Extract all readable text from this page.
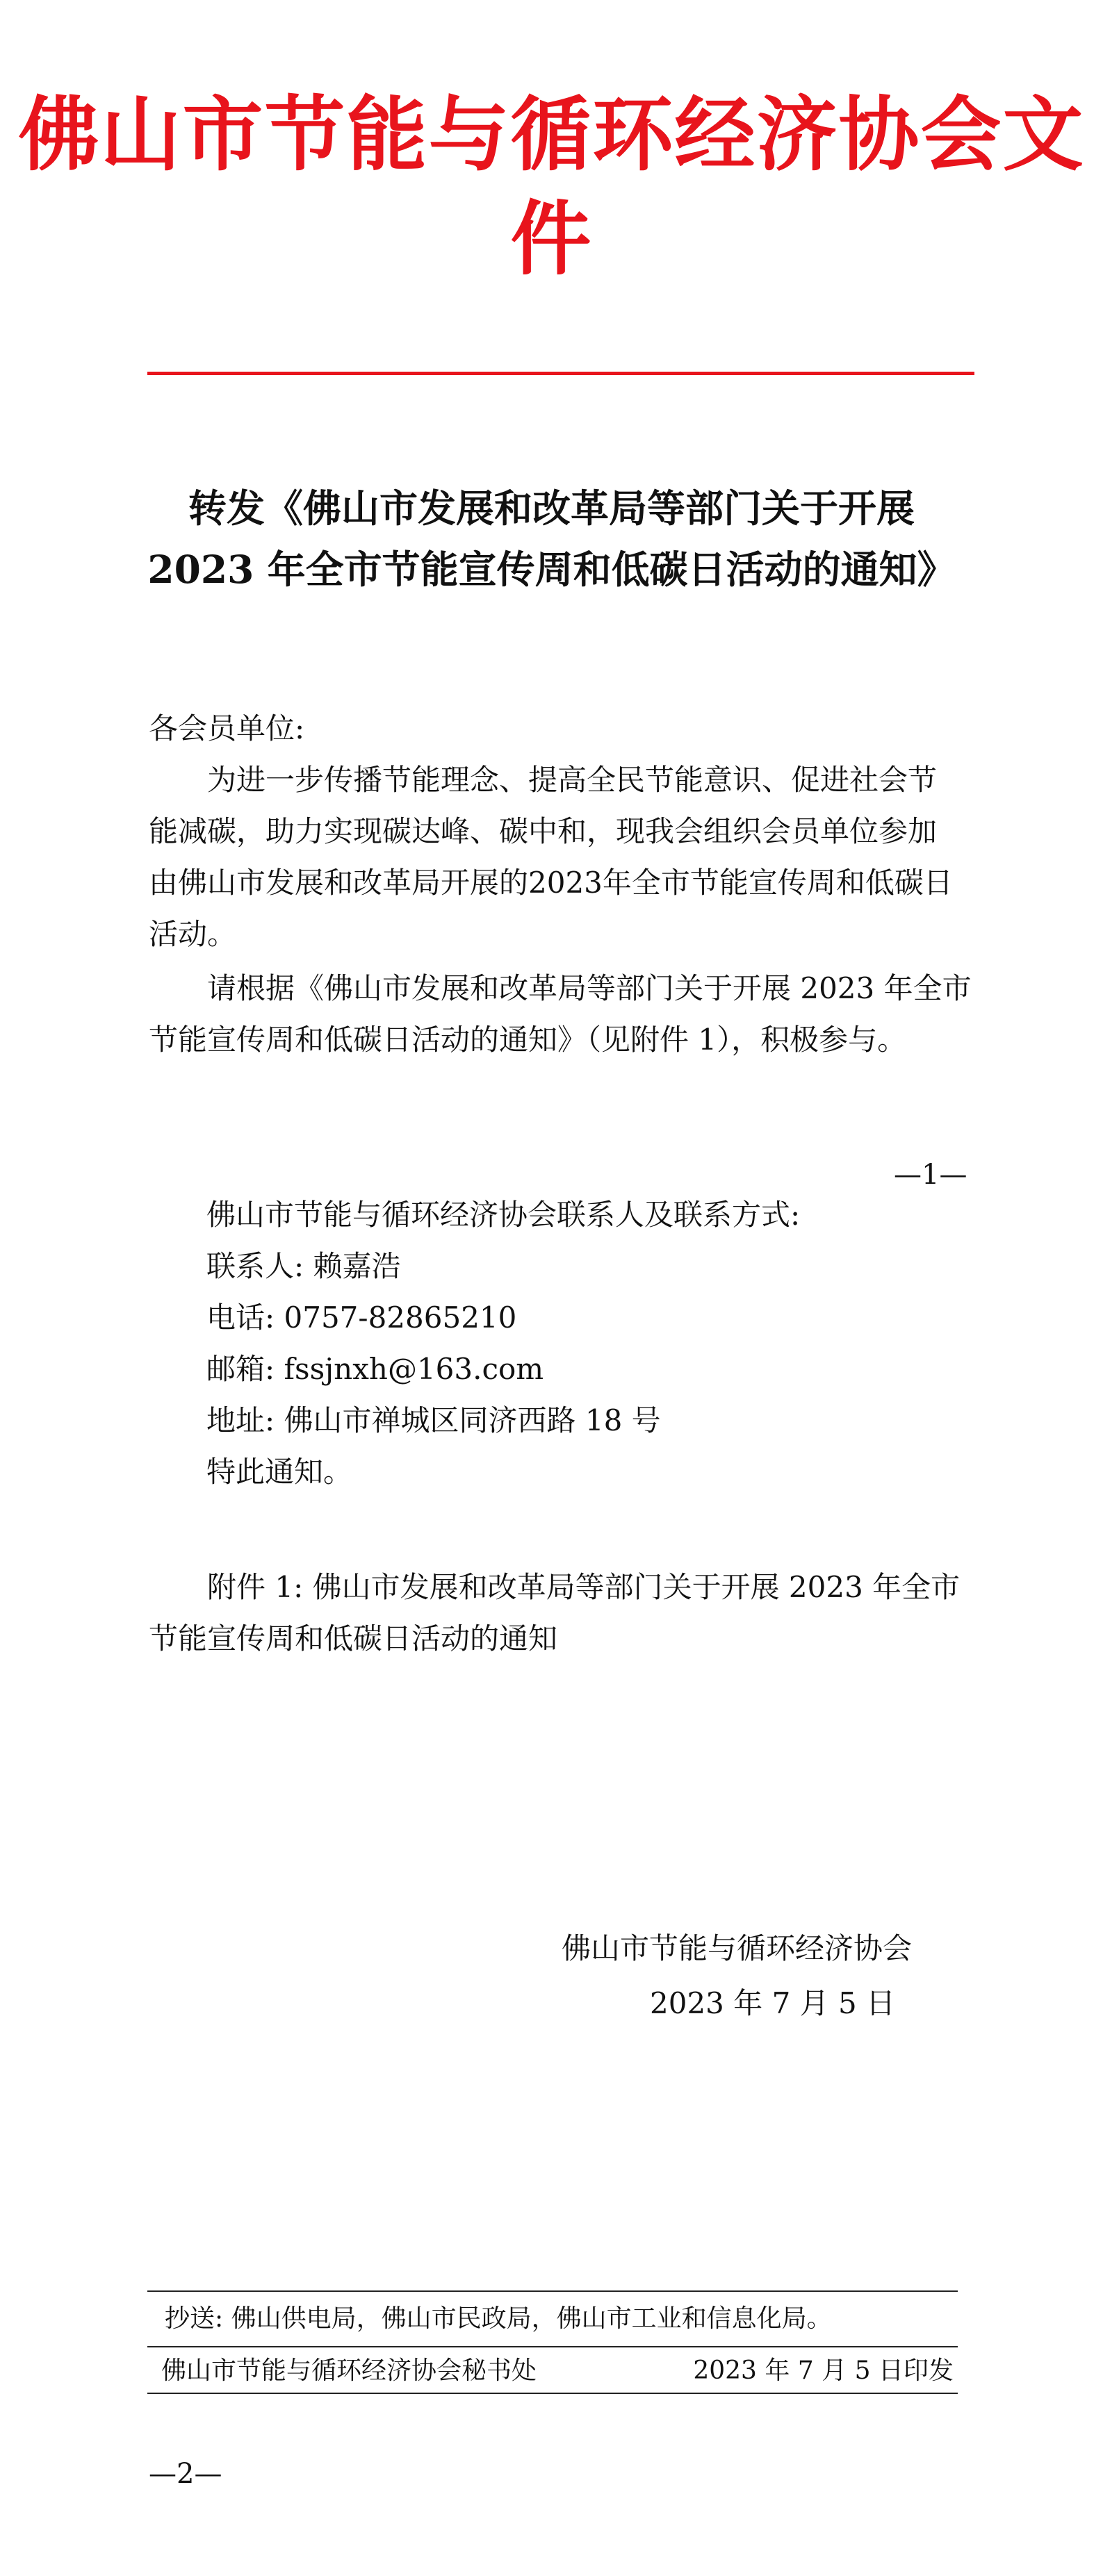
佛山市节能与循环经济协会文件
转发《佛山市发展和改革局等部门关于开展
2023 年全市节能宣传周和低碳日活动的通知》
各会员单位:
　　为进一步传播节能理念、提高全民节能意识、促进社会节
能减碳，助力实现碳达峰、碳中和，现我会组织会员单位参加
由佛山市发展和改革局开展的2023年全市节能宣传周和低碳日
活动。
　　请根据《佛山市发展和改革局等部门关于开展 2023 年全市
节能宣传周和低碳日活动的通知》（见附件 1），积极参与。
—1—
佛山市节能与循环经济协会联系人及联系方式:
联系人: 赖嘉浩
电话: 0757-82865210
邮箱: fssjnxh@163.com
地址: 佛山市禅城区同济西路 18 号
特此通知。
　　附件 1: 佛山市发展和改革局等部门关于开展 2023 年全市
节能宣传周和低碳日活动的通知
佛山市节能与循环经济协会
2023 年 7 月 5 日
抄送: 佛山供电局，佛山市民政局，佛山市工业和信息化局。
佛山市节能与循环经济协会秘书处	2023 年 7 月 5 日印发
—2—
